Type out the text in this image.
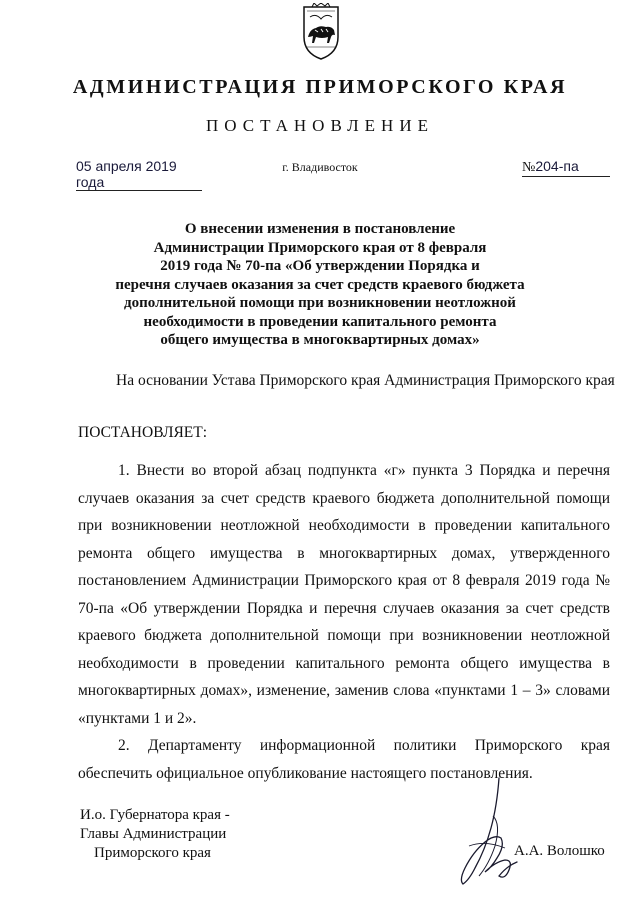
АДМИНИСТРАЦИЯ ПРИМОРСКОГО КРАЯ
ПОСТАНОВЛЕНИЕ
05 апреля 2019 года
г. Владивосток	№204-па
О внесении изменения в постановление
Администрации Приморского края от 8 февраля
2019 года № 70-па «Об утверждении Порядка и
перечня случаев оказания за счет средств краевого бюджета
дополнительной помощи при возникновении неотложной
необходимости в проведении капитального ремонта
общего имущества в многоквартирных домах»
На основании Устава Приморского края Администрация Приморского края
ПОСТАНОВЛЯЕТ:

1. Внести во второй абзац подпункта «г» пункта 3 Порядка и перечня случаев оказания за счет средств краевого бюджета дополнительной помощи при возникновении неотложной необходимости в проведении капитального ремонта общего имущества в многоквартирных домах, утвержденного постановлением Администрации Приморского края от 8 февраля 2019 года № 70-па «Об утверждении Порядка и перечня случаев оказания за счет средств краевого бюджета дополнительной помощи при возникновении неотложной необходимости в проведении капитального ремонта общего имущества в многоквартирных домах», изменение, заменив слова «пунктами 1 – 3» словами «пунктами 1 и 2».

2. Департаменту информационной политики Приморского края обеспечить официальное опубликование настоящего постановления.

И.о. Губернатора края -
Главы Администрации
Приморского края	А.А. Волошко
